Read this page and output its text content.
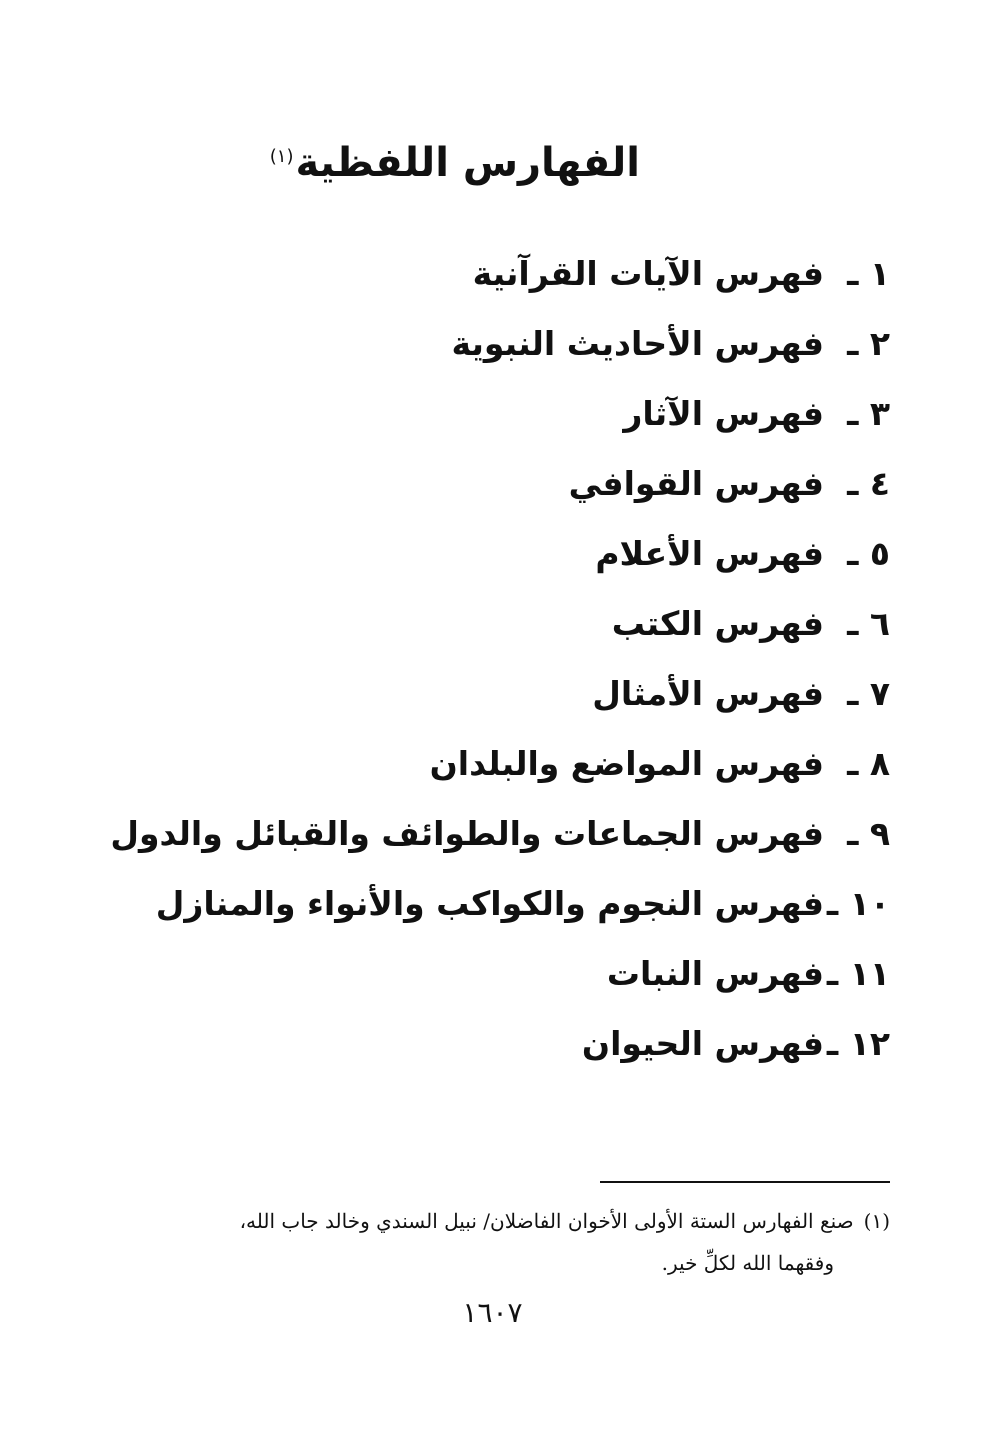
الفهارس اللفظية$^{(١)}$
١ ـ
فهرس الآيات القرآنية
٢ ـ
فهرس الأحاديث النبوية
٣ ـ
فهرس الآثار
٤ ـ
فهرس القوافي
٥ ـ
فهرس الأعلام
٦ ـ
فهرس الكتب
٧ ـ
فهرس الأمثال
٨ ـ
فهرس المواضع والبلدان
٩ ـ
فهرس الجماعات والطوائف والقبائل والدول
١٠ ـ
فهرس النجوم والكواكب والأنواء والمنازل
١١ ـ
فهرس النبات
١٢ ـ
فهرس الحيوان
(١)صنع الفهارس الستة الأولى الأخوان الفاضلان/ نبيل السندي وخالد جاب الله،
وفقهما الله لكلِّ خير.
١٦٠٧
